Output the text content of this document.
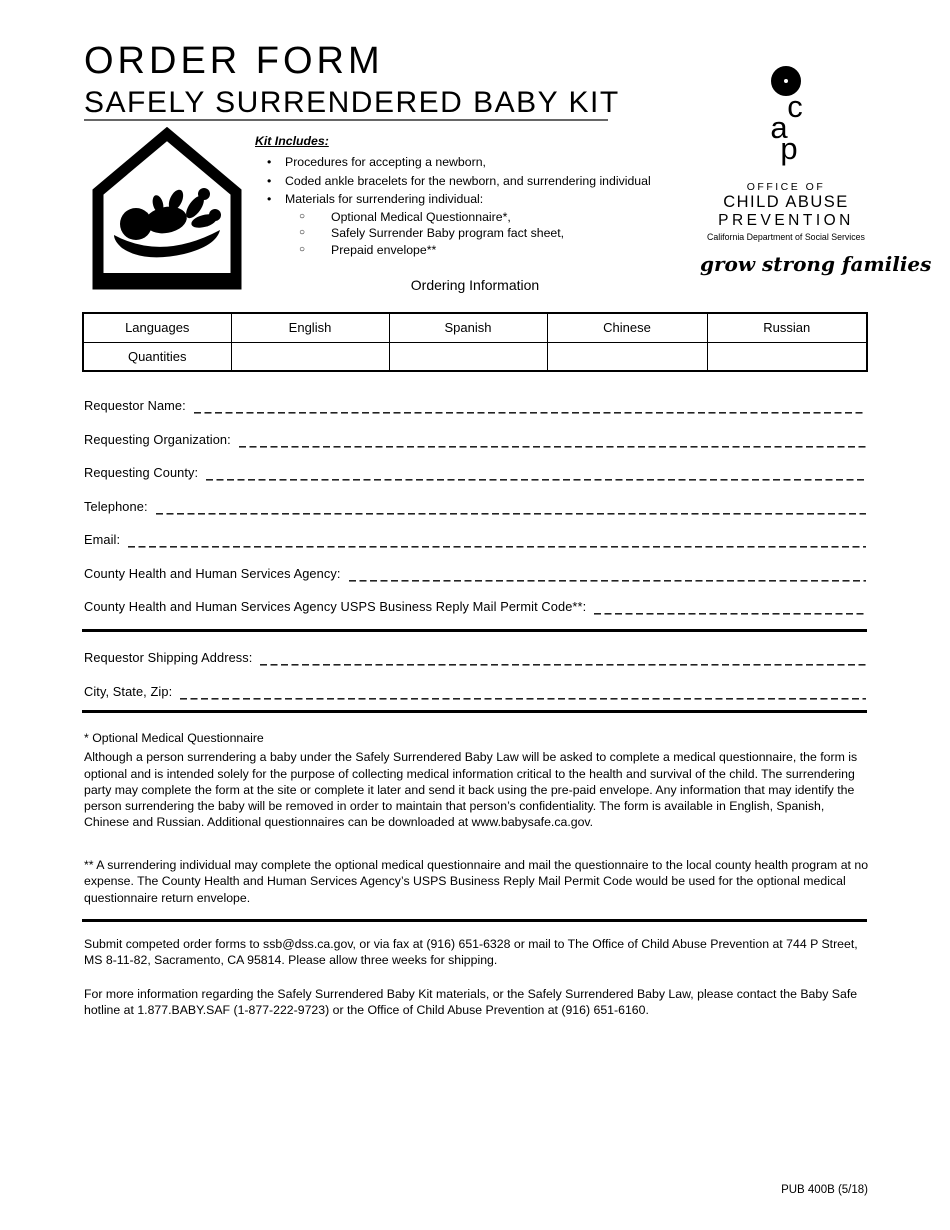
ORDER FORM
SAFELY SURRENDERED BABY KIT
Kit Includes:
•	Procedures for accepting a newborn,
•	Coded ankle bracelets for the newborn, and surrendering individual
•	Materials for surrendering individual:
○	Optional Medical Questionnaire*,
○	Safely Surrender Baby program fact sheet,
○	Prepaid envelope**
c
a
p
OFFICE OF
CHILD ABUSE
PREVENTION
California Department of Social Services
grow strong families
Ordering Information
Languages	English	Spanish	Chinese	Russian
Quantities				
Requestor Name:
Requesting Organization:
Requesting County:
Telephone:
Email:
County Health and Human Services Agency:
County Health and Human Services Agency USPS Business Reply Mail Permit Code**:
Requestor Shipping Address:
City, State, Zip:
* Optional Medical Questionnaire
Although a person surrendering a baby under the Safely Surrendered Baby Law will be asked to complete a medical questionnaire, the form is optional and is intended solely for the purpose of collecting medical information critical to the health and survival of the child. The surrendering party may complete the form at the site or complete it later and send it back using the pre-paid envelope. Any information that may identify the person surrendering the baby will be removed in order to maintain that person’s confidentiality. The form is available in English, Spanish, Chinese and Russian. Additional questionnaires can be downloaded at www.babysafe.ca.gov.
** A surrendering individual may complete the optional medical questionnaire and mail the questionnaire to the local county health program at no expense. The County Health and Human Services Agency’s USPS Business Reply Mail Permit Code would be used for the optional medical questionnaire return envelope.
Submit competed order forms to ssb@dss.ca.gov, or via fax at (916) 651-6328 or mail to The Office of Child Abuse Prevention at 744 P Street, MS 8-11-82, Sacramento, CA 95814. Please allow three weeks for shipping.
For more information regarding the Safely Surrendered Baby Kit materials, or the Safely Surrendered Baby Law, please contact the Baby Safe hotline at 1.877.BABY.SAF (1-877-222-9723) or the Office of Child Abuse Prevention at (916) 651-6160.
PUB 400B (5/18)
